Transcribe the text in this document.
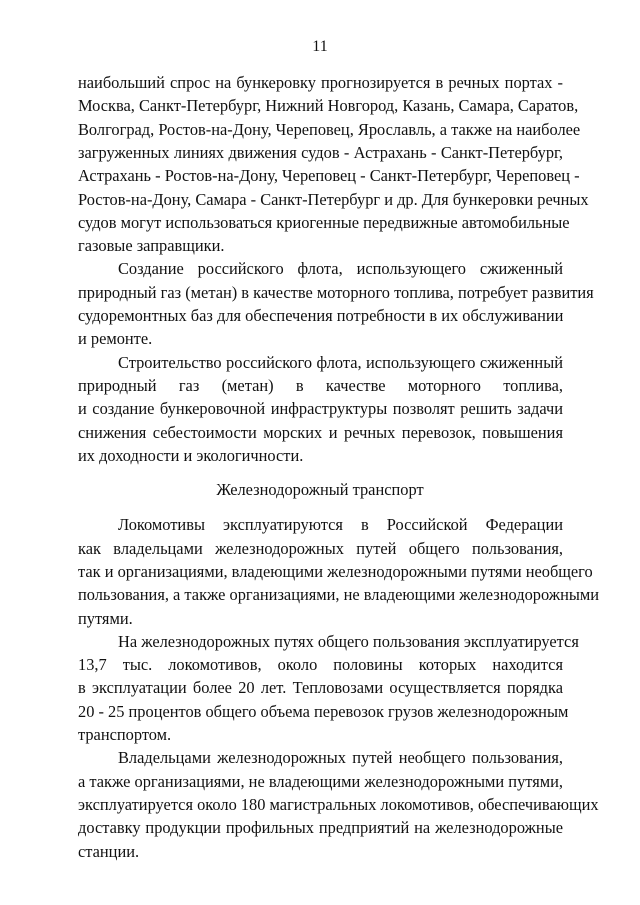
11
наибольший спрос на бункеровку прогнозируется в речных портах -
Москва, Санкт-Петербург, Нижний Новгород, Казань, Самара, Саратов,
Волгоград, Ростов-на-Дону, Череповец, Ярославль, а также на наиболее
загруженных линиях движения судов - Астрахань - Санкт-Петербург,
Астрахань - Ростов-на-Дону, Череповец - Санкт-Петербург, Череповец -
Ростов-на-Дону, Самара - Санкт-Петербург и др. Для бункеровки речных
судов могут использоваться криогенные передвижные автомобильные
газовые заправщики.
Создание российского флота, использующего сжиженный
природный газ (метан) в качестве моторного топлива, потребует развития
судоремонтных баз для обеспечения потребности в их обслуживании
и ремонте.
Строительство российского флота, использующего сжиженный
природный газ (метан) в качестве моторного топлива,
и создание бункеровочной инфраструктуры позволят решить задачи
снижения себестоимости морских и речных перевозок, повышения
их доходности и экологичности.
Железнодорожный транспорт
Локомотивы эксплуатируются в Российской Федерации
как владельцами железнодорожных путей общего пользования,
так и организациями, владеющими железнодорожными путями необщего
пользования, а также организациями, не владеющими железнодорожными
путями.
На железнодорожных путях общего пользования эксплуатируется
13,7 тыс. локомотивов, около половины которых находится
в эксплуатации более 20 лет. Тепловозами осуществляется порядка
20 - 25 процентов общего объема перевозок грузов железнодорожным
транспортом.
Владельцами железнодорожных путей необщего пользования,
а также организациями, не владеющими железнодорожными путями,
эксплуатируется около 180 магистральных локомотивов, обеспечивающих
доставку продукции профильных предприятий на железнодорожные
станции.
